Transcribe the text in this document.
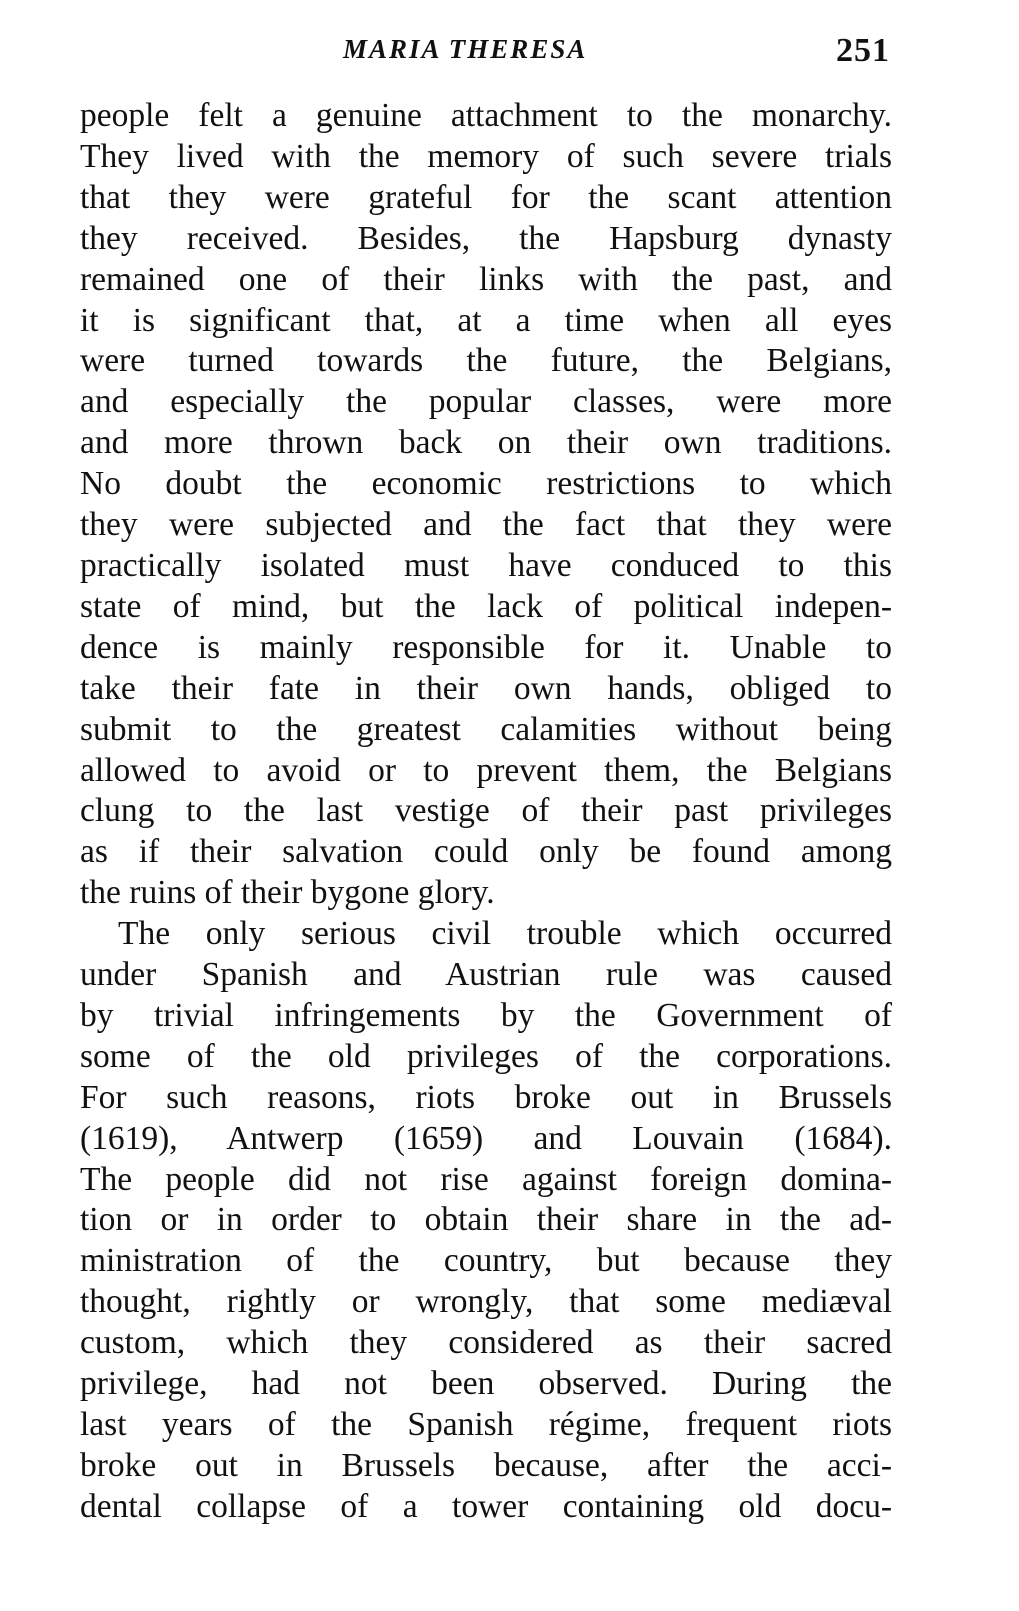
MARIA THERESA	251

people felt a genuine attachment to the monarchy.
They lived with the memory of such severe trials
that they were grateful for the scant attention
they received. Besides, the Hapsburg dynasty
remained one of their links with the past, and
it is significant that, at a time when all eyes
were turned towards the future, the Belgians,
and especially the popular classes, were more
and more thrown back on their own traditions.
No doubt the economic restrictions to which
they were subjected and the fact that they were
practically isolated must have conduced to this
state of mind, but the lack of political indepen-
dence is mainly responsible for it. Unable to
take their fate in their own hands, obliged to
submit to the greatest calamities without being
allowed to avoid or to prevent them, the Belgians
clung to the last vestige of their past privileges
as if their salvation could only be found among
the ruins of their bygone glory.

The only serious civil trouble which occurred
under Spanish and Austrian rule was caused
by trivial infringements by the Government of
some of the old privileges of the corporations.
For such reasons, riots broke out in Brussels
(1619), Antwerp (1659) and Louvain (1684).
The people did not rise against foreign domina-
tion or in order to obtain their share in the ad-
ministration of the country, but because they
thought, rightly or wrongly, that some mediæval
custom, which they considered as their sacred
privilege, had not been observed. During the
last years of the Spanish régime, frequent riots
broke out in Brussels because, after the acci-
dental collapse of a tower containing old docu-
